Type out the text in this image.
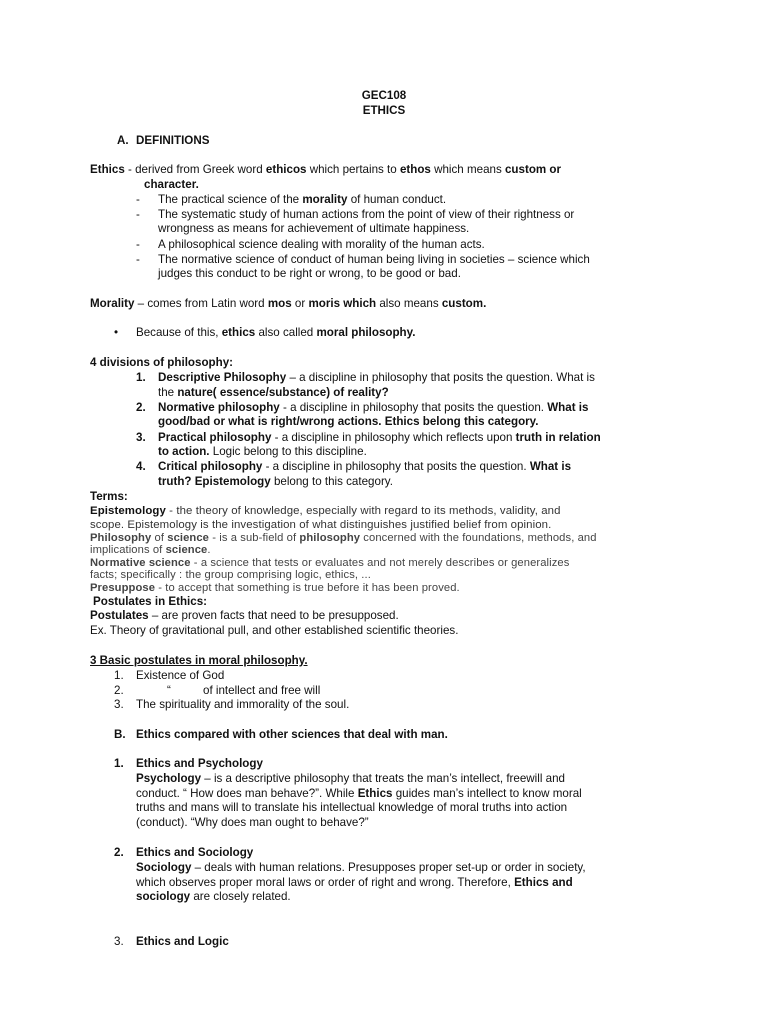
GEC108
ETHICS
A. DEFINITIONS
Ethics - derived from Greek word ethicos which pertains to ethos which means custom or
character.
- The practical science of the morality of human conduct.
- The systematic study of human actions from the point of view of their rightness or
wrongness as means for achievement of ultimate happiness.
- A philosophical science dealing with morality of the human acts.
- The normative science of conduct of human being living in societies – science which
judges this conduct to be right or wrong, to be good or bad.
Morality – comes from Latin word mos or moris which also means custom.
• Because of this, ethics also called moral philosophy.
4 divisions of philosophy:
1. Descriptive Philosophy – a discipline in philosophy that posits the question. What is
the nature( essence/substance) of reality?
2. Normative philosophy - a discipline in philosophy that posits the question. What is
good/bad or what is right/wrong actions. Ethics belong this category.
3. Practical philosophy - a discipline in philosophy which reflects upon truth in relation
to action. Logic belong to this discipline.
4. Critical philosophy - a discipline in philosophy that posits the question. What is
truth? Epistemology belong to this category.
Terms:
Epistemology - the theory of knowledge, especially with regard to its methods, validity, and
scope. Epistemology is the investigation of what distinguishes justified belief from opinion.
Philosophy of science - is a sub-field of philosophy concerned with the foundations, methods, and
implications of science.
Normative science - a science that tests or evaluates and not merely describes or generalizes
facts; specifically : the group comprising logic, ethics, ...
Presuppose - to accept that something is true before it has been proved.
Postulates in Ethics:
Postulates – are proven facts that need to be presupposed.
Ex. Theory of gravitational pull, and other established scientific theories.
3 Basic postulates in moral philosophy.
1. Existence of God
2.	“	of intellect and free will
3. The spirituality and immorality of the soul.
B. Ethics compared with other sciences that deal with man.
1. Ethics and Psychology
Psychology – is a descriptive philosophy that treats the man’s intellect, freewill and
conduct. “ How does man behave?”. While Ethics guides man’s intellect to know moral
truths and mans will to translate his intellectual knowledge of moral truths into action
(conduct). “Why does man ought to behave?”
2. Ethics and Sociology
Sociology – deals with human relations. Presupposes proper set-up or order in society,
which observes proper moral laws or order of right and wrong. Therefore, Ethics and
sociology are closely related.
3. Ethics and Logic
